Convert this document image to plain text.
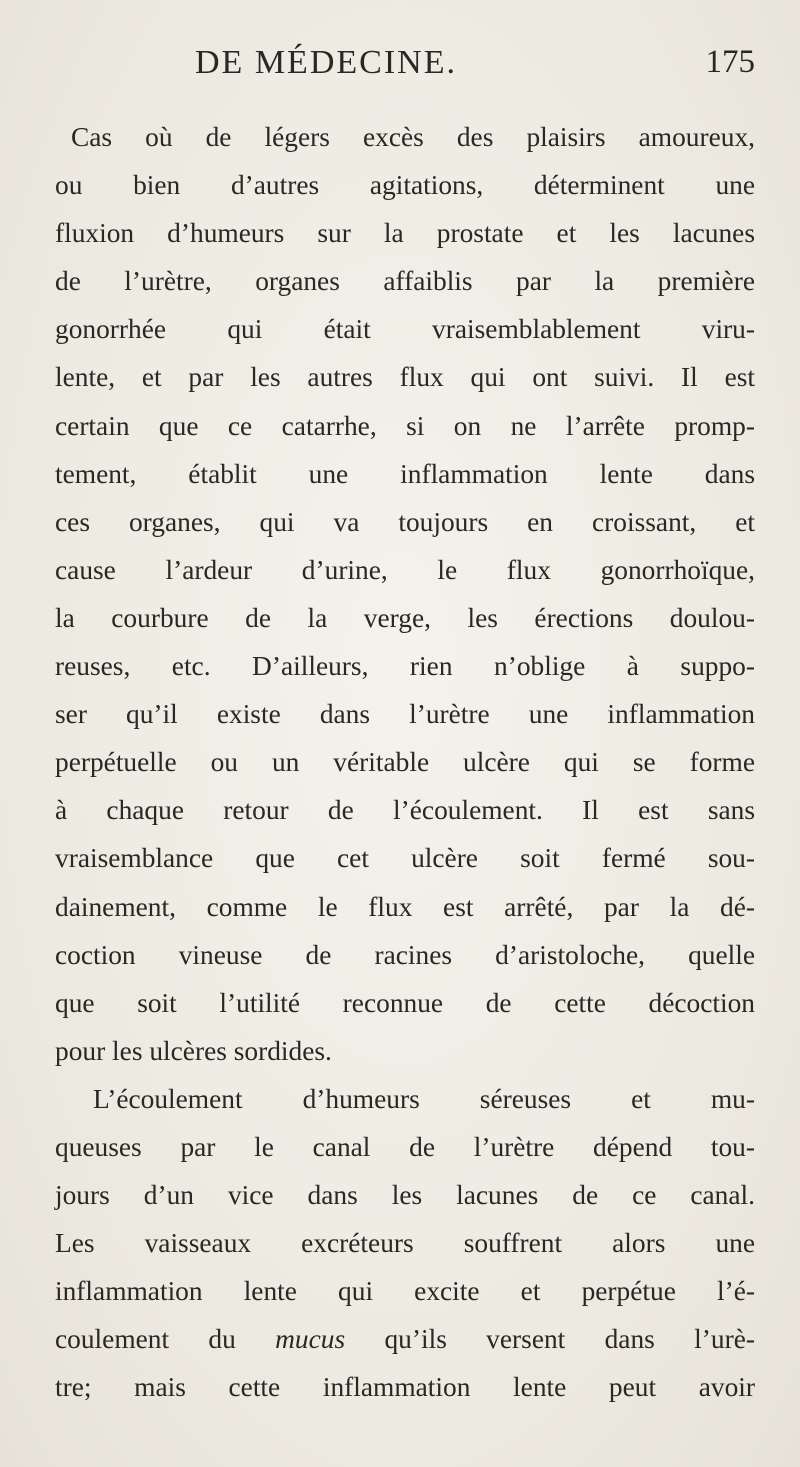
DE MÉDECINE.	175
Cas où de légers excès des plaisirs amoureux,
ou bien d’autres agitations, déterminent une
fluxion d’humeurs sur la prostate et les lacunes
de l’urètre, organes affaiblis par la première
gonorrhée qui était vraisemblablement viru-
lente, et par les autres flux qui ont suivi. Il est
certain que ce catarrhe, si on ne l’arrête promp-
tement, établit une inflammation lente dans
ces organes, qui va toujours en croissant, et
cause l’ardeur d’urine, le flux gonorrhoïque,
la courbure de la verge, les érections doulou-
reuses, etc. D’ailleurs, rien n’oblige à suppo-
ser qu’il existe dans l’urètre une inflammation
perpétuelle ou un véritable ulcère qui se forme
à chaque retour de l’écoulement. Il est sans
vraisemblance que cet ulcère soit fermé sou-
dainement, comme le flux est arrêté, par la dé-
coction vineuse de racines d’aristoloche, quelle
que soit l’utilité reconnue de cette décoction
pour les ulcères sordides.
L’écoulement d’humeurs séreuses et mu-
queuses par le canal de l’urètre dépend tou-
jours d’un vice dans les lacunes de ce canal.
Les vaisseaux excréteurs souffrent alors une
inflammation lente qui excite et perpétue l’é-
coulement du mucus qu’ils versent dans l’urè-
tre; mais cette inflammation lente peut avoir
